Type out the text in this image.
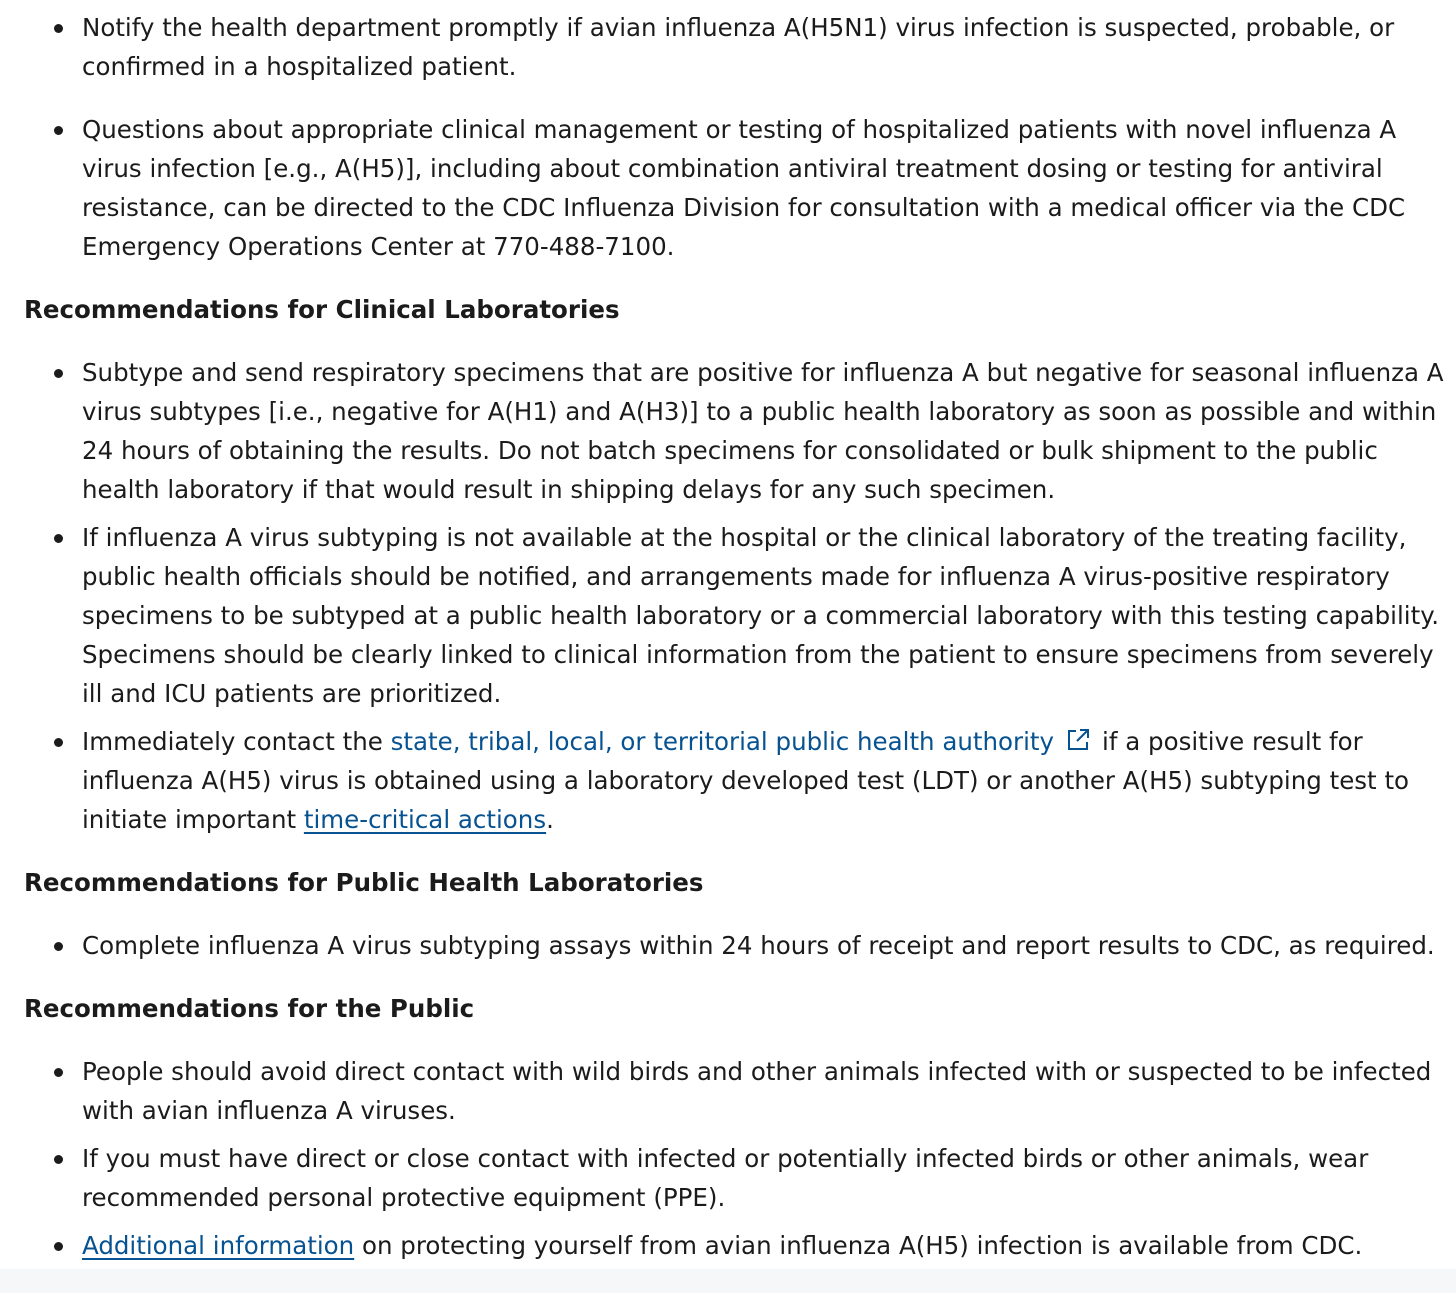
Notify the health department promptly if avian influenza A(H5N1) virus infection is suspected, probable, or confirmed in a hospitalized patient.
Questions about appropriate clinical management or testing of hospitalized patients with novel influenza A virus infection [e.g., A(H5)], including about combination antiviral treatment dosing or testing for antiviral resistance, can be directed to the CDC Influenza Division for consultation with a medical officer via the CDC Emergency Operations Center at 770-488-7100.
Recommendations for Clinical Laboratories
Subtype and send respiratory specimens that are positive for influenza A but negative for seasonal influenza A virus subtypes [i.e., negative for A(H1) and A(H3)] to a public health laboratory as soon as possible and within 24 hours of obtaining the results. Do not batch specimens for consolidated or bulk shipment to the public health laboratory if that would result in shipping delays for any such specimen.
If influenza A virus subtyping is not available at the hospital or the clinical laboratory of the treating facility, public health officials should be notified, and arrangements made for influenza A virus-positive respiratory specimens to be subtyped at a public health laboratory or a commercial laboratory with this testing capability. Specimens should be clearly linked to clinical information from the patient to ensure specimens from severely ill and ICU patients are prioritized.
Immediately contact the state, tribal, local, or territorial public health authority if a positive result for influenza A(H5) virus is obtained using a laboratory developed test (LDT) or another A(H5) subtyping test to initiate important time-critical actions.
Recommendations for Public Health Laboratories
Complete influenza A virus subtyping assays within 24 hours of receipt and report results to CDC, as required.
Recommendations for the Public
People should avoid direct contact with wild birds and other animals infected with or suspected to be infected with avian influenza A viruses.
If you must have direct or close contact with infected or potentially infected birds or other animals, wear recommended personal protective equipment (PPE).
Additional information on protecting yourself from avian influenza A(H5) infection is available from CDC.
